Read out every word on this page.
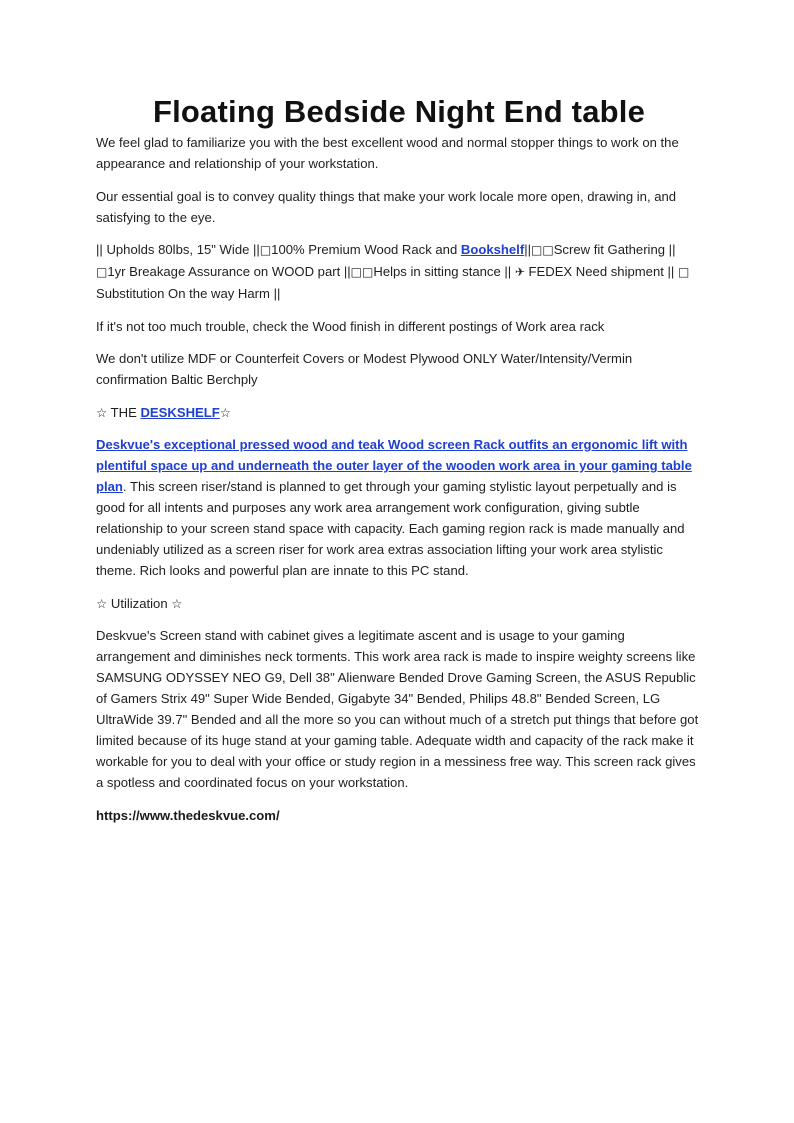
Floating Bedside Night End table

We feel glad to familiarize you with the best excellent wood and normal stopper things to work on the appearance and relationship of your workstation.

Our essential goal is to convey quality things that make your work locale more open, drawing in, and satisfying to the eye.

|| Upholds 80lbs, 15" Wide ||□100% Premium Wood Rack and Bookshelf||□□Screw fit Gathering || □1yr Breakage Assurance on WOOD part ||□□Helps in sitting stance || ✈ FEDEX Need shipment || □ Substitution On the way Harm ||

If it's not too much trouble, check the Wood finish in different postings of Work area rack

We don't utilize MDF or Counterfeit Covers or Modest Plywood ONLY Water/Intensity/Vermin confirmation Baltic Berchply

☆ THE DESKSHELF☆

Deskvue's exceptional pressed wood and teak Wood screen Rack outfits an ergonomic lift with plentiful space up and underneath the outer layer of the wooden work area in your gaming table plan. This screen riser/stand is planned to get through your gaming stylistic layout perpetually and is good for all intents and purposes any work area arrangement work configuration, giving subtle relationship to your screen stand space with capacity. Each gaming region rack is made manually and undeniably utilized as a screen riser for work area extras association lifting your work area stylistic theme. Rich looks and powerful plan are innate to this PC stand.

☆ Utilization ☆

Deskvue's Screen stand with cabinet gives a legitimate ascent and is usage to your gaming arrangement and diminishes neck torments. This work area rack is made to inspire weighty screens like SAMSUNG ODYSSEY NEO G9, Dell 38" Alienware Bended Drove Gaming Screen, the ASUS Republic of Gamers Strix 49" Super Wide Bended, Gigabyte 34" Bended, Philips 48.8" Bended Screen, LG UltraWide 39.7" Bended and all the more so you can without much of a stretch put things that before got limited because of its huge stand at your gaming table. Adequate width and capacity of the rack make it workable for you to deal with your office or study region in a messiness free way. This screen rack gives a spotless and coordinated focus on your workstation.

https://www.thedeskvue.com/
